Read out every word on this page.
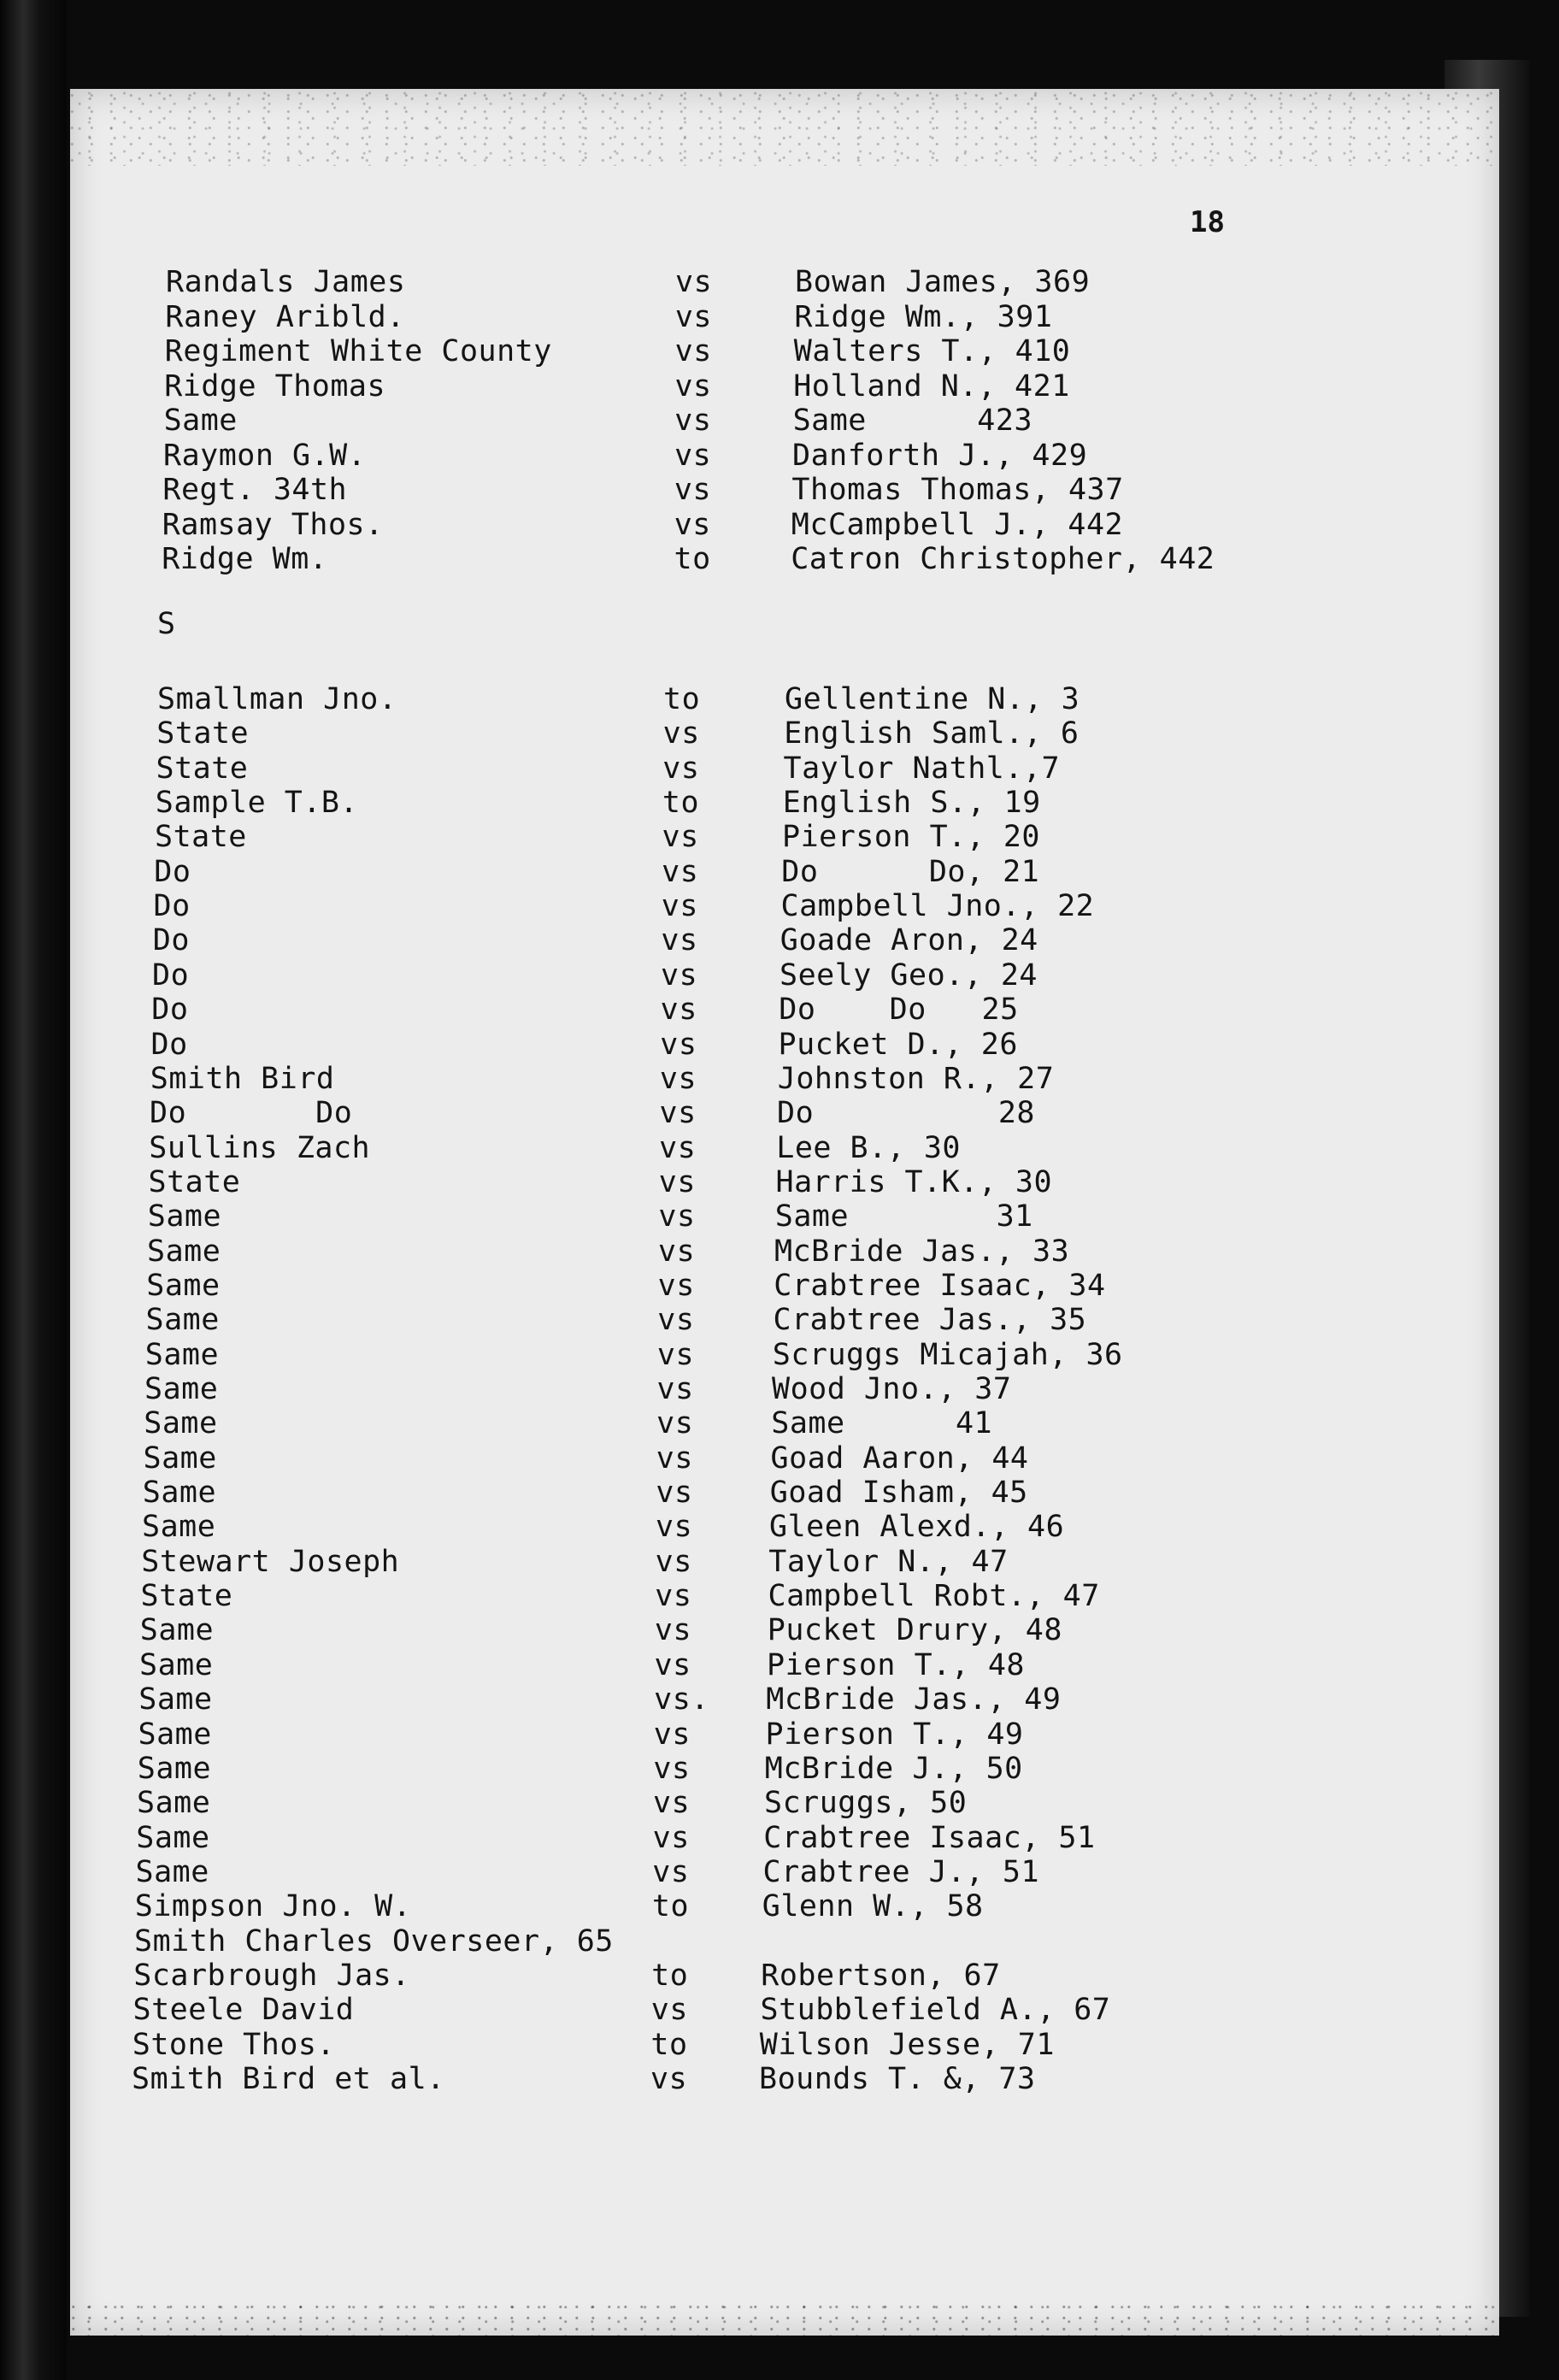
18
Randals James	vs	Bowan James, 369
Raney Aribld.	vs	Ridge Wm., 391
Regiment White County	vs	Walters T., 410
Ridge Thomas	vs	Holland N., 421
Same	vs	Same      423
Raymon G.W.	vs	Danforth J., 429
Regt. 34th	vs	Thomas Thomas, 437
Ramsay Thos.	vs	McCampbell J., 442
Ridge Wm.	to	Catron Christopher, 442
S
Smallman Jno.	to	Gellentine N., 3
State	vs	English Saml., 6
State	vs	Taylor Nathl.,7
Sample T.B.	to	English S., 19
State	vs	Pierson T., 20
Do	vs	Do      Do, 21
Do	vs	Campbell Jno., 22
Do	vs	Goade Aron, 24
Do	vs	Seely Geo., 24
Do	vs	Do    Do   25
Do	vs	Pucket D., 26
Smith Bird	vs	Johnston R., 27
Do       Do	vs	Do          28
Sullins Zach	vs	Lee B., 30
State	vs	Harris T.K., 30
Same	vs	Same        31
Same	vs	McBride Jas., 33
Same	vs	Crabtree Isaac, 34
Same	vs	Crabtree Jas., 35
Same	vs	Scruggs Micajah, 36
Same	vs	Wood Jno., 37
Same	vs	Same      41
Same	vs	Goad Aaron, 44
Same	vs	Goad Isham, 45
Same	vs	Gleen Alexd., 46
Stewart Joseph	vs	Taylor N., 47
State	vs	Campbell Robt., 47
Same	vs	Pucket Drury, 48
Same	vs	Pierson T., 48
Same	vs. McBride Jas., 49
Same	vs	Pierson T., 49
Same	vs McBride J., 50
Same	vs Scruggs, 50
Same	vs Crabtree Isaac, 51
Same	vs Crabtree J., 51
Simpson Jno. W.	to Glenn W., 58
Smith Charles Overseer, 65
Scarbrough Jas.	to Robertson, 67
Steele David	vs Stubblefield A., 67
Stone Thos.	to Wilson Jesse, 71
Smith Bird et al.	vs Bounds T. &, 73
